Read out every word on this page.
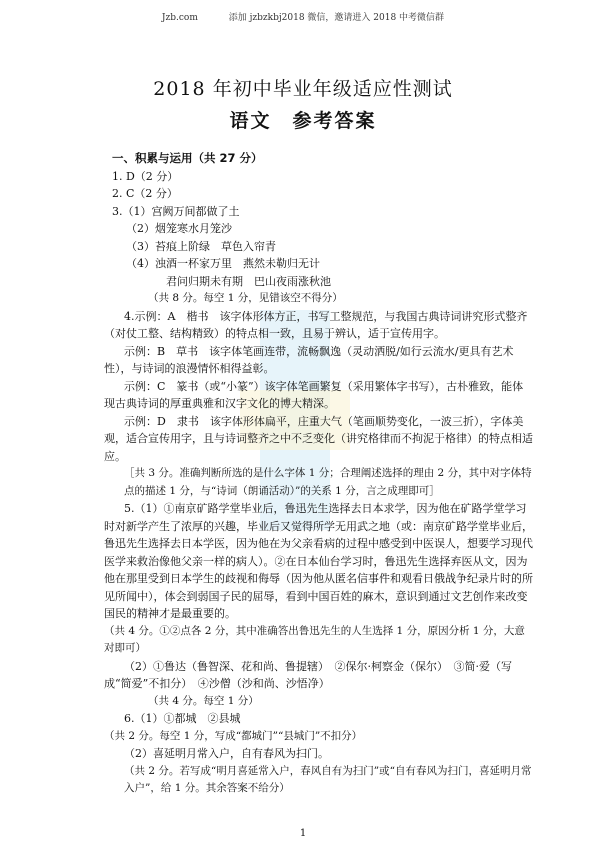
Jzb.com	添加 jzbzkbj2018 微信，邀请进入 2018 中考微信群
2018 年初中毕业年级适应性测试
语文　参考答案

一、积累与运用（共 27 分）

1. D（2 分）

2. C（2 分）

3.（1）宫阙万间都做了土

（2）烟笼寒水月笼沙

（3）苔痕上阶绿　草色入帘青

（4）浊酒一杯家万里　燕然未勒归无计

君问归期未有期　巴山夜雨涨秋池

（共 8 分。每空 1 分，见错该空不得分）

4.示例：A　楷书　该字体形体方正，书写工整规范，与我国古典诗词讲究形式整齐（对仗工整、结构精致）的特点相一致，且易于辨认，适于宣传用字。

示例：B　草书　该字体笔画连带，流畅飘逸（灵动洒脱/如行云流水/更具有艺术性），与诗词的浪漫情怀相得益彰。

示例：C　篆书（或“小篆”）该字体笔画繁复（采用繁体字书写），古朴雅致，能体现古典诗词的厚重典雅和汉字文化的博大精深。

示例：D　隶书　该字体形体扁平，庄重大气（笔画顺势变化，一波三折），字体美观，适合宣传用字，且与诗词整齐之中不乏变化（讲究格律而不拘泥于格律）的特点相适应。

［共 3 分。准确判断所选的是什么字体 1 分；合理阐述选择的理由 2 分，其中对字体特点的描述 1 分，与“诗词（朗诵活动）”的关系 1 分，言之成理即可］

5.（1）①南京矿路学堂毕业后，鲁迅先生选择去日本求学，因为他在矿路学堂学习时对新学产生了浓厚的兴趣，毕业后又觉得所学无用武之地（或：南京矿路学堂毕业后，鲁迅先生选择去日本学医，因为他在为父亲看病的过程中感受到中医误人，想要学习现代医学来救治像他父亲一样的病人）。②在日本仙台学习时，鲁迅先生选择弃医从文，因为他在那里受到日本学生的歧视和侮辱（因为他从匿名信事件和观看日俄战争纪录片时的所见所闻中），体会到弱国子民的屈辱，看到中国百姓的麻木，意识到通过文艺创作来改变国民的精神才是最重要的。

（共 4 分。①②点各 2 分，其中准确答出鲁迅先生的人生选择 1 分，原因分析 1 分，大意对即可）

（2）①鲁达（鲁智深、花和尚、鲁提辖）　②保尔·柯察金（保尔）　③简·爱（写成“简爱”不扣分）　④沙僧（沙和尚、沙悟净）

（共 4 分。每空 1 分）

6.（1）①都城　②县城

（共 2 分。每空 1 分，写成“都城门”“县城门”不扣分）

（2）喜延明月常入户，自有春风为扫门。

（共 2 分。若写成“明月喜延常入户，春风自有为扫门”或“自有春风为扫门，喜延明月常入户”，给 1 分。其余答案不给分）

1
